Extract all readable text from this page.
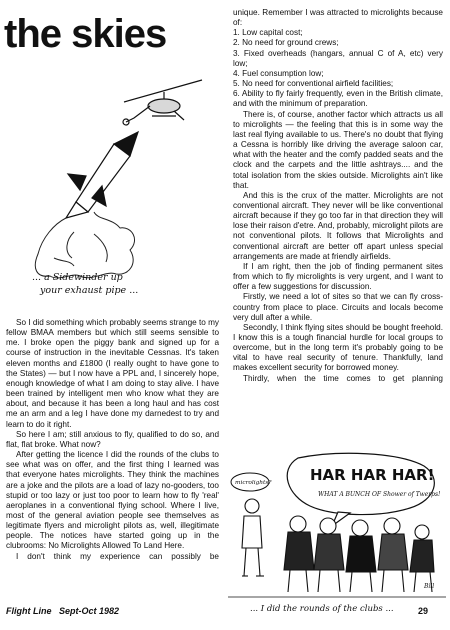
the skies
... a Sidewinder up
your exhaust pipe ...

So I did something which probably seems strange to my fellow BMAA members but which still seems sensible to me. I broke open the piggy bank and signed up for a course of instruction in the inevitable Cessnas. It's taken eleven months and £1800 (I really ought to have gone to the States) — but I now have a PPL and, I sincerely hope, enough knowledge of what I am doing to stay alive. I have been trained by intelligent men who know what they are about, and because it has been a long haul and has cost me an arm and a leg I have done my darnedest to try and learn to do it right.

So here I am; still anxious to fly, qualified to do so, and flat, flat broke. What now?

After getting the licence I did the rounds of the clubs to see what was on offer, and the first thing I learned was that everyone hates microlights. They think the machines are a joke and the pilots are a load of lazy no-gooders, too stupid or too lazy or just too poor to learn how to fly 'real' aeroplanes in a conventional flying school. Where I live, most of the general aviation people see themselves as legitimate flyers and microlight pilots as, well, illegitimate people. The notices have started going up in the clubrooms: No Microlights Allowed To Land Here.

I don't think my experience can possibly be

unique. Remember I was attracted to microlights because of:

1. Low capital cost;
2. No need for ground crews;
3. Fixed overheads (hangars, annual C of A, etc) very low;
4. Fuel consumption low;
5. No need for conventional airfield facilities;
6. Ability to fly fairly frequently, even in the British climate, and with the minimum of preparation.

There is, of course, another factor which attracts us all to microlights — the feeling that this is in some way the last real flying available to us. There's no doubt that flying a Cessna is horribly like driving the average saloon car, what with the heater and the comfy padded seats and the clock and the carpets and the little ashtrays.... and the total isolation from the skies outside. Microlights ain't like that.

And this is the crux of the matter. Microlights are not conventional aircraft. They never will be like conventional aircraft because if they go too far in that direction they will lose their raison d'etre. And, probably, microlight pilots are not conventional pilots. It follows that Microlights and conventional aircraft are better off apart unless special arrangements are made at friendly airfields.

If I am right, then the job of finding permanent sites from which to fly microlights is very urgent, and I want to offer a few suggestions for discussion.

Firstly, we need a lot of sites so that we can fly cross-country from place to place. Circuits and locals become very dull after a while.

Secondly, I think flying sites should be bought freehold. I know this is a tough financial hurdle for local groups to overcome, but in the long term it's probably going to be vital to have real security of tenure. Thankfully, land makes excellent security for borrowed money.

Thirdly, when the time comes to get planning

HAR HAR HAR!
WHAT A BUNCH OF Shower of Twerps!
microlights?
Bill
... I did the rounds of the clubs ...
Flight Line   Sept-Oct 1982	29
